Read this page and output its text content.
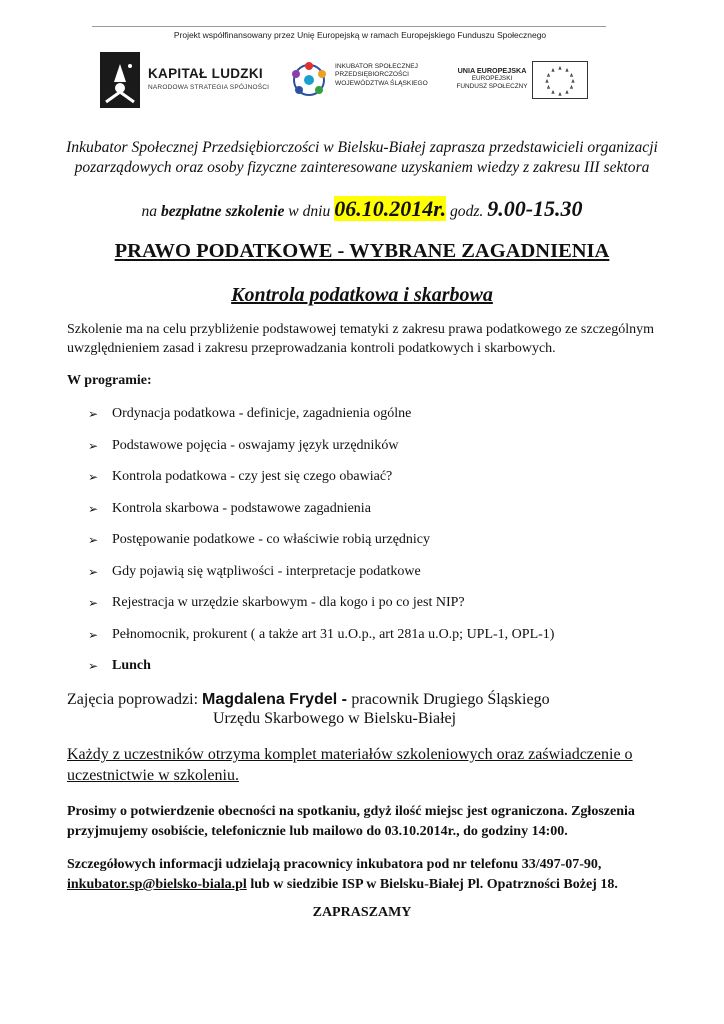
Projekt współfinansowany przez Unię Europejską w ramach Europejskiego Funduszu Społecznego
KAPITAŁ LUDZKI
NARODOWA STRATEGIA SPÓJNOŚCI
INKUBATOR SPOŁECZNEJ
PRZEDSIĘBIORCZOŚCI
WOJEWÓDZTWA ŚLĄSKIEGO
UNIA EUROPEJSKA
EUROPEJSKI
FUNDUSZ SPOŁECZNY
Inkubator Społecznej Przedsiębiorczości w Bielsku-Białej zaprasza przedstawicieli organizacji pozarządowych oraz osoby fizyczne zainteresowane uzyskaniem wiedzy z zakresu III sektora
na bezpłatne szkolenie w dniu 06.10.2014r. godz. 9.00-15.30
PRAWO PODATKOWE - WYBRANE ZAGADNIENIA
Kontrola podatkowa i skarbowa
Szkolenie ma na celu przybliżenie podstawowej tematyki z zakresu prawa podatkowego ze szczególnym uwzględnieniem zasad i zakresu przeprowadzania kontroli podatkowych i skarbowych.
W programie:
➢ Ordynacja podatkowa - definicje, zagadnienia ogólne
➢ Podstawowe pojęcia - oswajamy język urzędników
➢ Kontrola podatkowa - czy jest się czego obawiać?
➢ Kontrola skarbowa - podstawowe zagadnienia
➢ Postępowanie podatkowe - co właściwie robią urzędnicy
➢ Gdy pojawią się wątpliwości - interpretacje podatkowe
➢ Rejestracja w urzędzie skarbowym - dla kogo i po co jest NIP?
➢ Pełnomocnik, prokurent ( a także art 31 u.O.p., art 281a u.O.p; UPL-1, OPL-1)
➢ Lunch
Zajęcia poprowadzi: Magdalena Frydel - pracownik Drugiego Śląskiego
Urzędu Skarbowego w Bielsku-Białej
Każdy z uczestników otrzyma komplet materiałów szkoleniowych oraz zaświadczenie o uczestnictwie w szkoleniu.
Prosimy o potwierdzenie obecności na spotkaniu, gdyż ilość miejsc jest ograniczona. Zgłoszenia przyjmujemy osobiście, telefonicznie lub mailowo do 03.10.2014r., do godziny 14:00.
Szczegółowych informacji udzielają pracownicy inkubatora pod nr telefonu 33/497-07-90, inkubator.sp@bielsko-biala.pl lub w siedzibie ISP w Bielsku-Białej Pl. Opatrzności Bożej 18.
ZAPRASZAMY
